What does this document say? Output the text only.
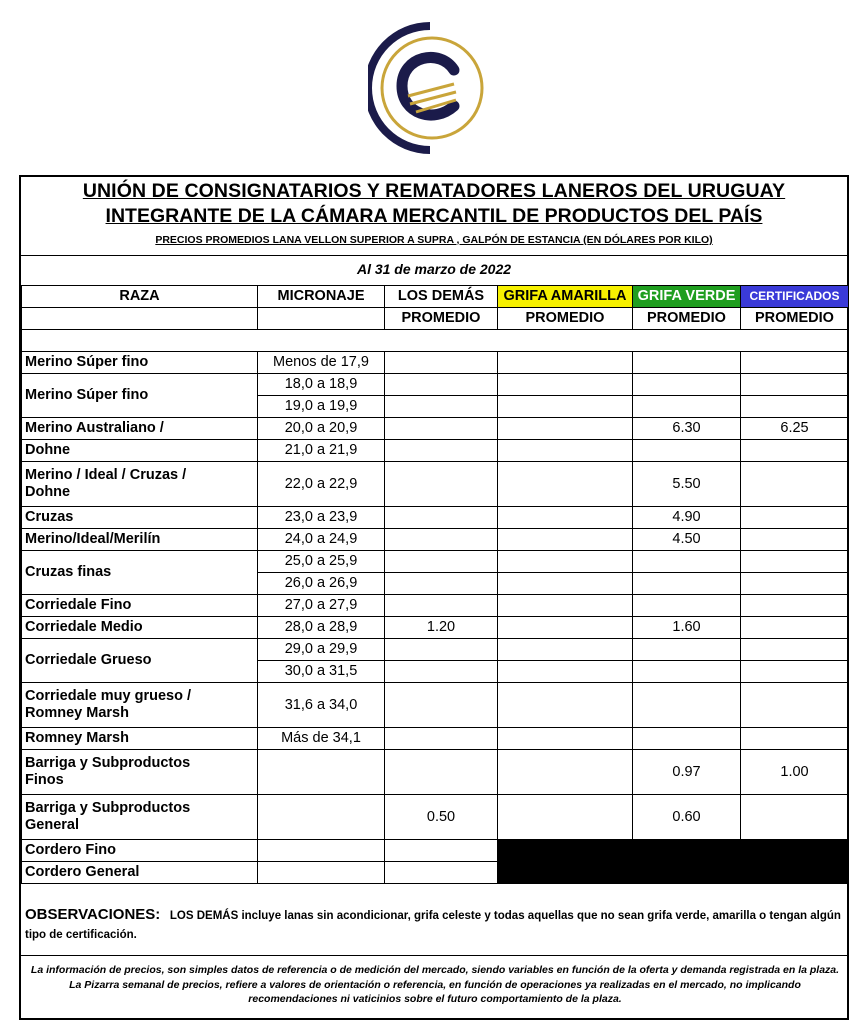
UNIÓN DE CONSIGNATARIOS Y REMATADORES LANEROS DEL URUGUAY
INTEGRANTE DE LA CÁMARA MERCANTIL DE PRODUCTOS DEL PAÍS
PRECIOS PROMEDIOS LANA VELLON SUPERIOR A SUPRA , GALPÓN DE ESTANCIA (EN DÓLARES POR KILO)
Al 31 de marzo de 2022
RAZA	MICRONAJE	LOS DEMÁS	GRIFA AMARILLA	GRIFA VERDE	CERTIFICADOS
		PROMEDIO	PROMEDIO	PROMEDIO	PROMEDIO

Merino Súper fino	Menos de 17,9				
Merino Súper fino	18,0 a 18,9				
	19,0 a 19,9				
Merino Australiano /	20,0 a 20,9			6.30	6.25
Dohne	21,0 a 21,9				
Merino / Ideal / Cruzas /
Dohne	22,0 a 22,9			5.50	
Cruzas	23,0 a 23,9			4.90	
Merino/Ideal/Merilín	24,0 a 24,9			4.50	
Cruzas finas	25,0 a 25,9				
	26,0 a 26,9				
Corriedale Fino	27,0 a 27,9				
Corriedale Medio	28,0 a 28,9	1.20		1.60	
Corriedale Grueso	29,0 a 29,9				
	30,0 a 31,5				
Corriedale muy grueso /
Romney Marsh	31,6 a 34,0				
Romney Marsh	Más de 34,1				
Barriga y Subproductos
Finos				0.97	1.00
Barriga y Subproductos
General		0.50		0.60	
Cordero Fino					
Cordero General					
OBSERVACIONES: LOS DEMÁS incluye lanas sin acondicionar, grifa celeste y todas aquellas que no sean grifa verde, amarilla o tengan algún tipo de certificación.
La información de precios, son simples datos de referencia o de medición del mercado, siendo variables en función de la oferta y demanda registrada en la plaza. La Pizarra semanal de precios, refiere a valores de orientación o referencia, en función de operaciones ya realizadas en el mercado, no implicando recomendaciones ni vaticinios sobre el futuro comportamiento de la plaza.
